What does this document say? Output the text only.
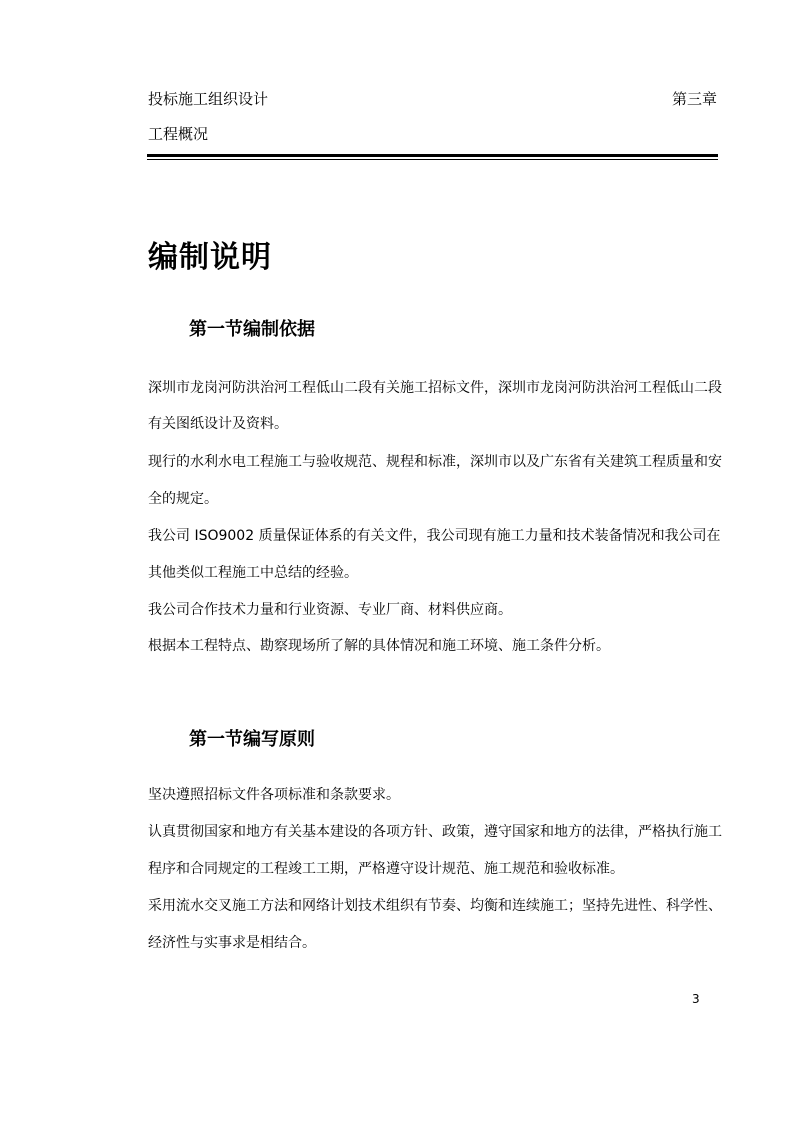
投标施工组织设计	第三章
工程概况
编制说明
第一节编制依据
深圳市龙岗河防洪治河工程低山二段有关施工招标文件，深圳市龙岗河防洪治河工程低山二段
有关图纸设计及资料。
现行的水利水电工程施工与验收规范、规程和标准，深圳市以及广东省有关建筑工程质量和安
全的规定。
我公司 ISO9002 质量保证体系的有关文件，我公司现有施工力量和技术装备情况和我公司在
其他类似工程施工中总结的经验。
我公司合作技术力量和行业资源、专业厂商、材料供应商。
根据本工程特点、勘察现场所了解的具体情况和施工环境、施工条件分析。
第一节编写原则
坚决遵照招标文件各项标准和条款要求。
认真贯彻国家和地方有关基本建设的各项方针、政策，遵守国家和地方的法律，严格执行施工
程序和合同规定的工程竣工工期，严格遵守设计规范、施工规范和验收标准。
采用流水交叉施工方法和网络计划技术组织有节奏、均衡和连续施工；坚持先进性、科学性、
经济性与实事求是相结合。
3
